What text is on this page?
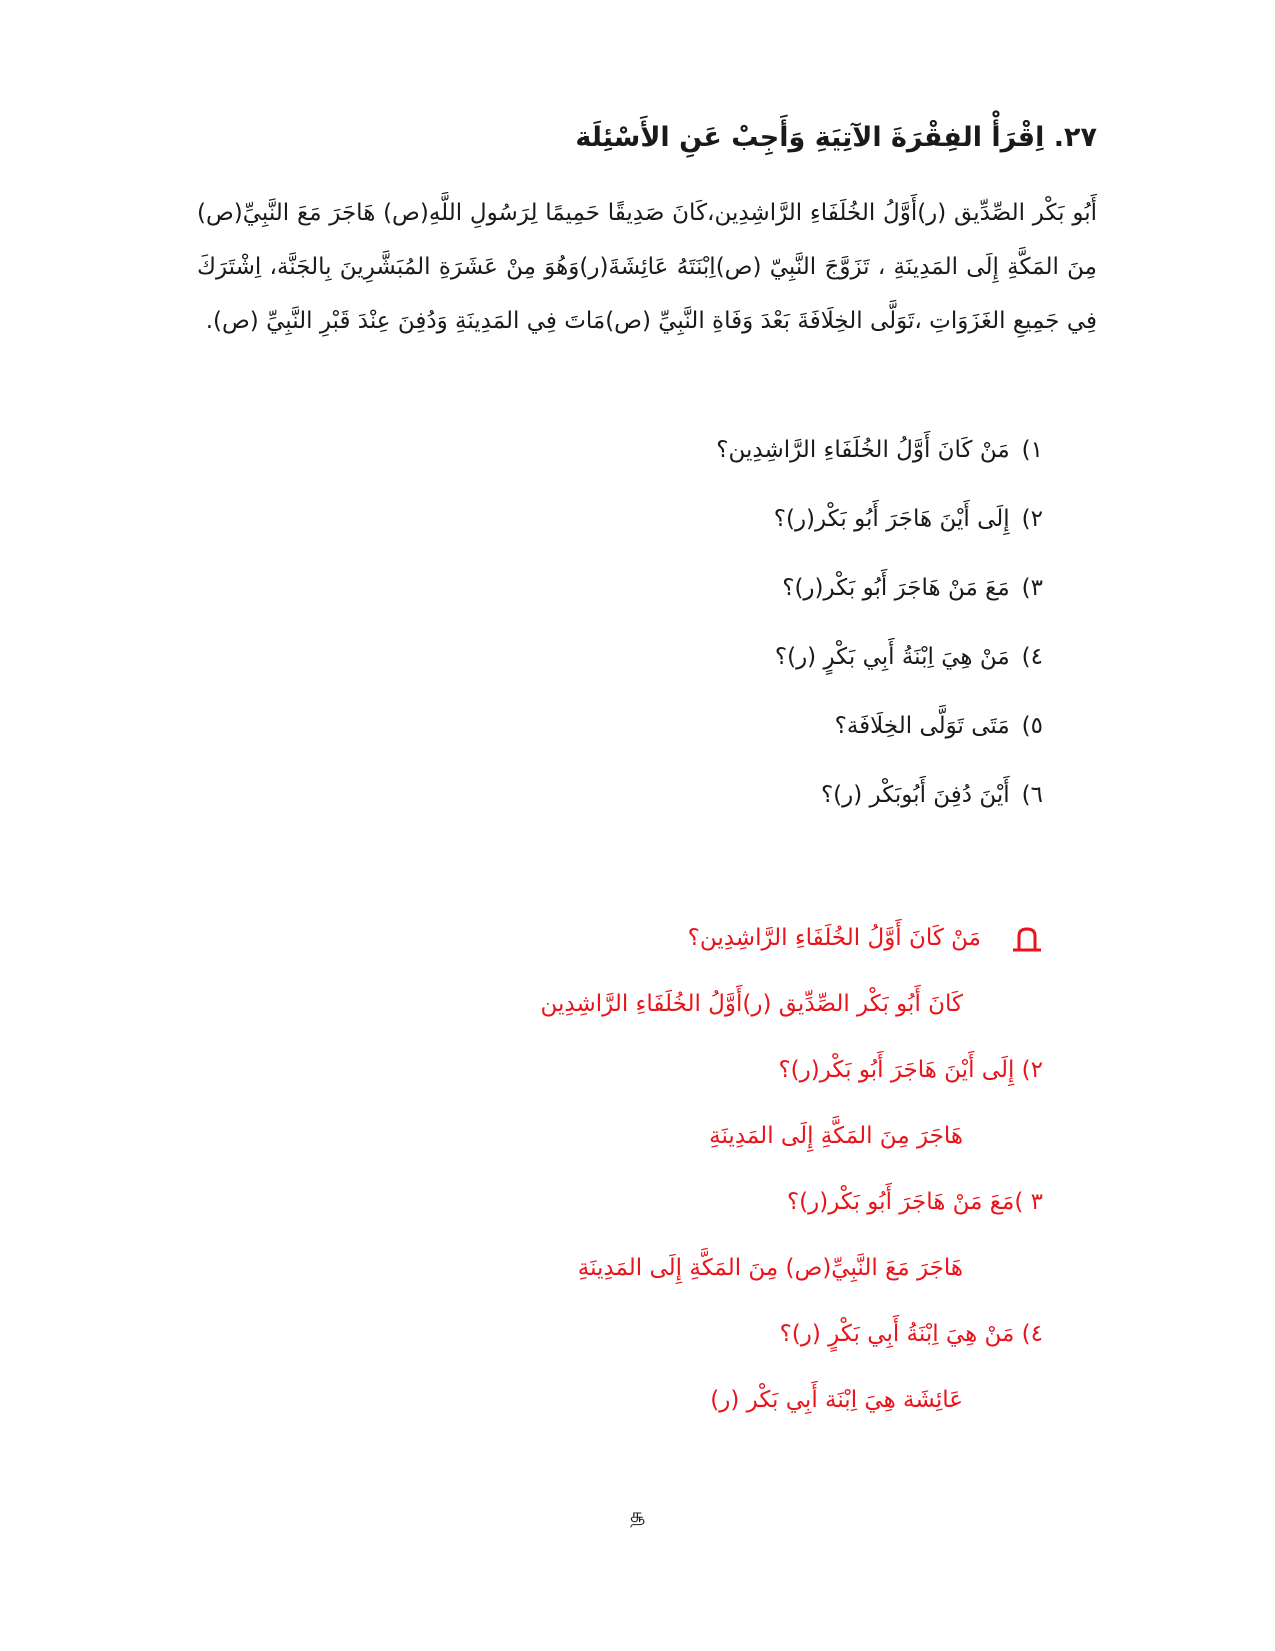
٢٧. اِقْرَأْ الفِقْرَةَ الآتِيَةِ وَأَجِبْ عَنِ الأَسْئِلَة
أَبُو بَكْر الصِّدِّيق (ر)أَوَّلُ الخُلَفَاءِ الرَّاشِدِين،كَانَ صَدِيقًا حَمِيمًا لِرَسُولِ اللَّهِ(ص) هَاجَرَ مَعَ النَّبِيِّ(ص) مِنَ المَكَّةِ إِلَى المَدِينَةِ ، تَزَوَّجَ النَّبِيّ (ص)اِبْنَتَهُ عَائِشَةَ(ر)وَهُوَ مِنْ عَشَرَةِ المُبَشَّرِينَ بِالجَنَّة، اِشْتَرَكَ فِي جَمِيعِ الغَزَوَاتِ ،تَوَلَّى الخِلَافَةَ بَعْدَ وَفَاةِ النَّبِيِّ (ص)مَاتَ فِي المَدِينَةِ وَدُفِنَ عِنْدَ قَبْرِ النَّبِيِّ (ص).
١)مَنْ كَانَ أَوَّلُ الخُلَفَاءِ الرَّاشِدِين؟
٢)إِلَى أَيْنَ هَاجَرَ أَبُو بَكْر(ر)؟
٣)مَعَ مَنْ هَاجَرَ أَبُو بَكْر(ر)؟
٤)مَنْ هِيَ اِبْنَةُ أَبِي بَكْرٍ (ر)؟
٥)مَتَى تَوَلَّى الخِلَافَة؟
٦)أَيْنَ دُفِنَ أَبُوبَكْر (ر)؟
مَنْ كَانَ أَوَّلُ الخُلَفَاءِ الرَّاشِدِين؟
كَانَ أَبُو بَكْر الصِّدِّيق (ر)أَوَّلُ الخُلَفَاءِ الرَّاشِدِين
٢) إِلَى أَيْنَ هَاجَرَ أَبُو بَكْر(ر)؟
هَاجَرَ مِنَ المَكَّةِ إِلَى المَدِينَةِ
٣ )مَعَ مَنْ هَاجَرَ أَبُو بَكْر(ر)؟
هَاجَرَ مَعَ النَّبِيِّ(ص) مِنَ المَكَّةِ إِلَى المَدِينَةِ
٤) مَنْ هِيَ اِبْنَةُ أَبِي بَكْرٍ (ر)؟
عَائِشَة هِيَ اِبْنَة أَبِي بَكْر (ر)
௲
